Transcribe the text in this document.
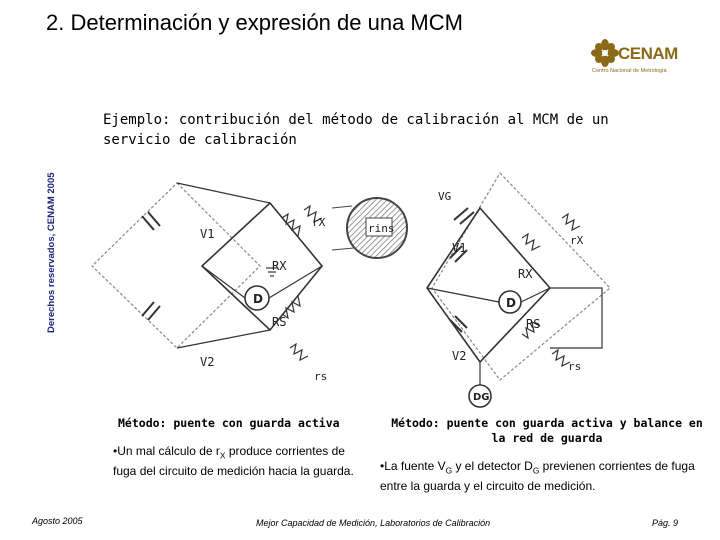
2. Determinación y expresión de una MCM
CENAM
Centro Nacional de Metrología
Derechos reservados, CENAM 2005
Ejemplo: contribución del método de calibración al MCM de un servicio de calibración
V1
V2
rX
RX
RS
rs
D
rins
VG
V1
V2
rX
RX
RS
rs
D
DG
Método: puente con guarda activa	Método: puente con guarda activa y balance en la red de guarda
•Un mal cálculo de $r_X$ produce corrientes de fuga del circuito de medición hacia la guarda.	•La fuente $V_G$ y el detector $D_G$ previenen corrientes de fuga entre la guarda y el circuito de medición.
Agosto 2005	Mejor Capacidad de Medición, Laboratorios de Calibración	Pág. 9
